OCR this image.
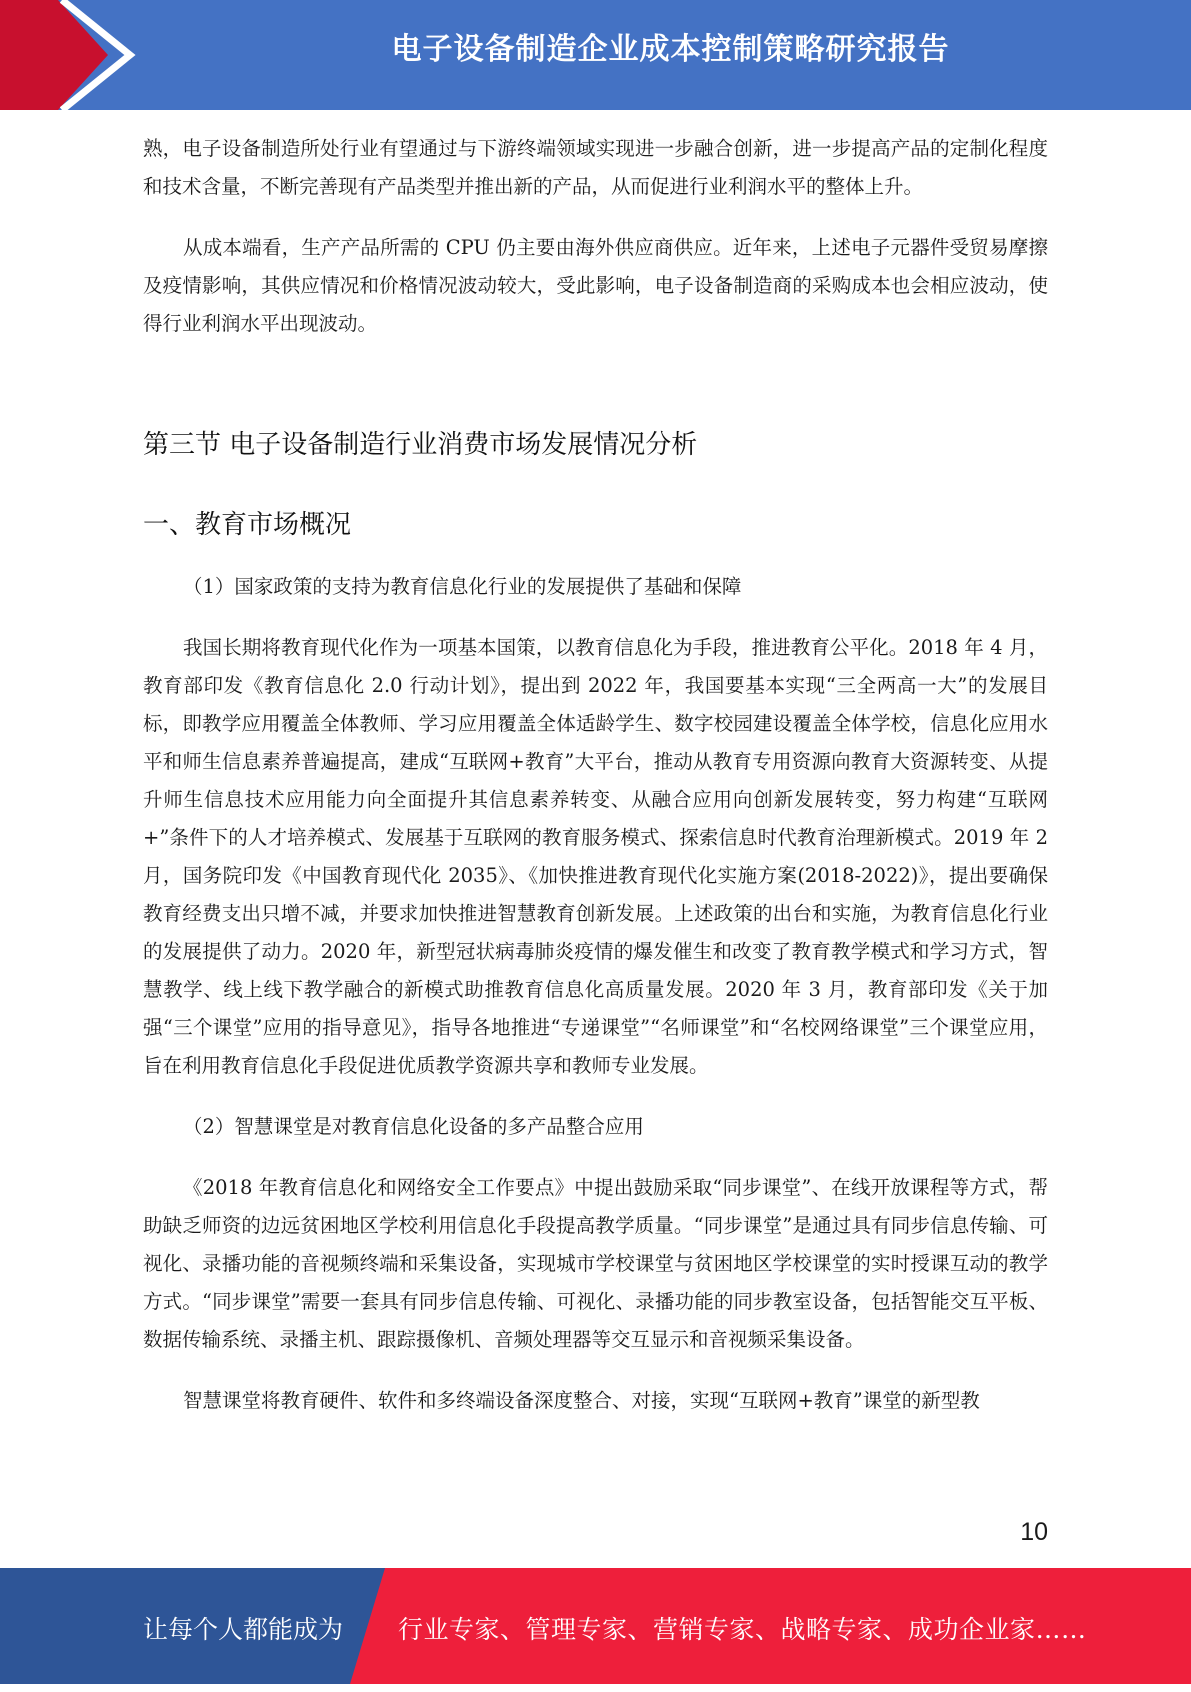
电子设备制造企业成本控制策略研究报告

熟，电子设备制造所处行业有望通过与下游终端领域实现进一步融合创新，进一步提高产品的定制化程度和技术含量，不断完善现有产品类型并推出新的产品，从而促进行业利润水平的整体上升。

从成本端看，生产产品所需的 CPU 仍主要由海外供应商供应。近年来，上述电子元器件受贸易摩擦及疫情影响，其供应情况和价格情况波动较大，受此影响，电子设备制造商的采购成本也会相应波动，使得行业利润水平出现波动。

第三节 电子设备制造行业消费市场发展情况分析
一、教育市场概况

（1）国家政策的支持为教育信息化行业的发展提供了基础和保障

我国长期将教育现代化作为一项基本国策，以教育信息化为手段，推进教育公平化。2018 年 4 月，教育部印发《教育信息化 2.0 行动计划》，提出到 2022 年，我国要基本实现“三全两高一大”的发展目标，即教学应用覆盖全体教师、学习应用覆盖全体适龄学生、数字校园建设覆盖全体学校，信息化应用水平和师生信息素养普遍提高，建成“互联网+教育”大平台，推动从教育专用资源向教育大资源转变、从提升师生信息技术应用能力向全面提升其信息素养转变、从融合应用向创新发展转变，努力构建“互联网+”条件下的人才培养模式、发展基于互联网的教育服务模式、探索信息时代教育治理新模式。2019 年 2 月，国务院印发《中国教育现代化 2035》、《加快推进教育现代化实施方案(2018-2022)》，提出要确保教育经费支出只增不减，并要求加快推进智慧教育创新发展。上述政策的出台和实施，为教育信息化行业的发展提供了动力。2020 年，新型冠状病毒肺炎疫情的爆发催生和改变了教育教学模式和学习方式，智慧教学、线上线下教学融合的新模式助推教育信息化高质量发展。2020 年 3 月，教育部印发《关于加强“三个课堂”应用的指导意见》，指导各地推进“专递课堂”“名师课堂”和“名校网络课堂”三个课堂应用，旨在利用教育信息化手段促进优质教学资源共享和教师专业发展。

（2）智慧课堂是对教育信息化设备的多产品整合应用

《2018 年教育信息化和网络安全工作要点》中提出鼓励采取“同步课堂”、在线开放课程等方式，帮助缺乏师资的边远贫困地区学校利用信息化手段提高教学质量。“同步课堂”是通过具有同步信息传输、可视化、录播功能的音视频终端和采集设备，实现城市学校课堂与贫困地区学校课堂的实时授课互动的教学方式。“同步课堂”需要一套具有同步信息传输、可视化、录播功能的同步教室设备，包括智能交互平板、数据传输系统、录播主机、跟踪摄像机、音频处理器等交互显示和音视频采集设备。

智慧课堂将教育硬件、软件和多终端设备深度整合、对接，实现“互联网+教育”课堂的新型教

10
让每个人都能成为 行业专家、管理专家、营销专家、战略专家、成功企业家……
